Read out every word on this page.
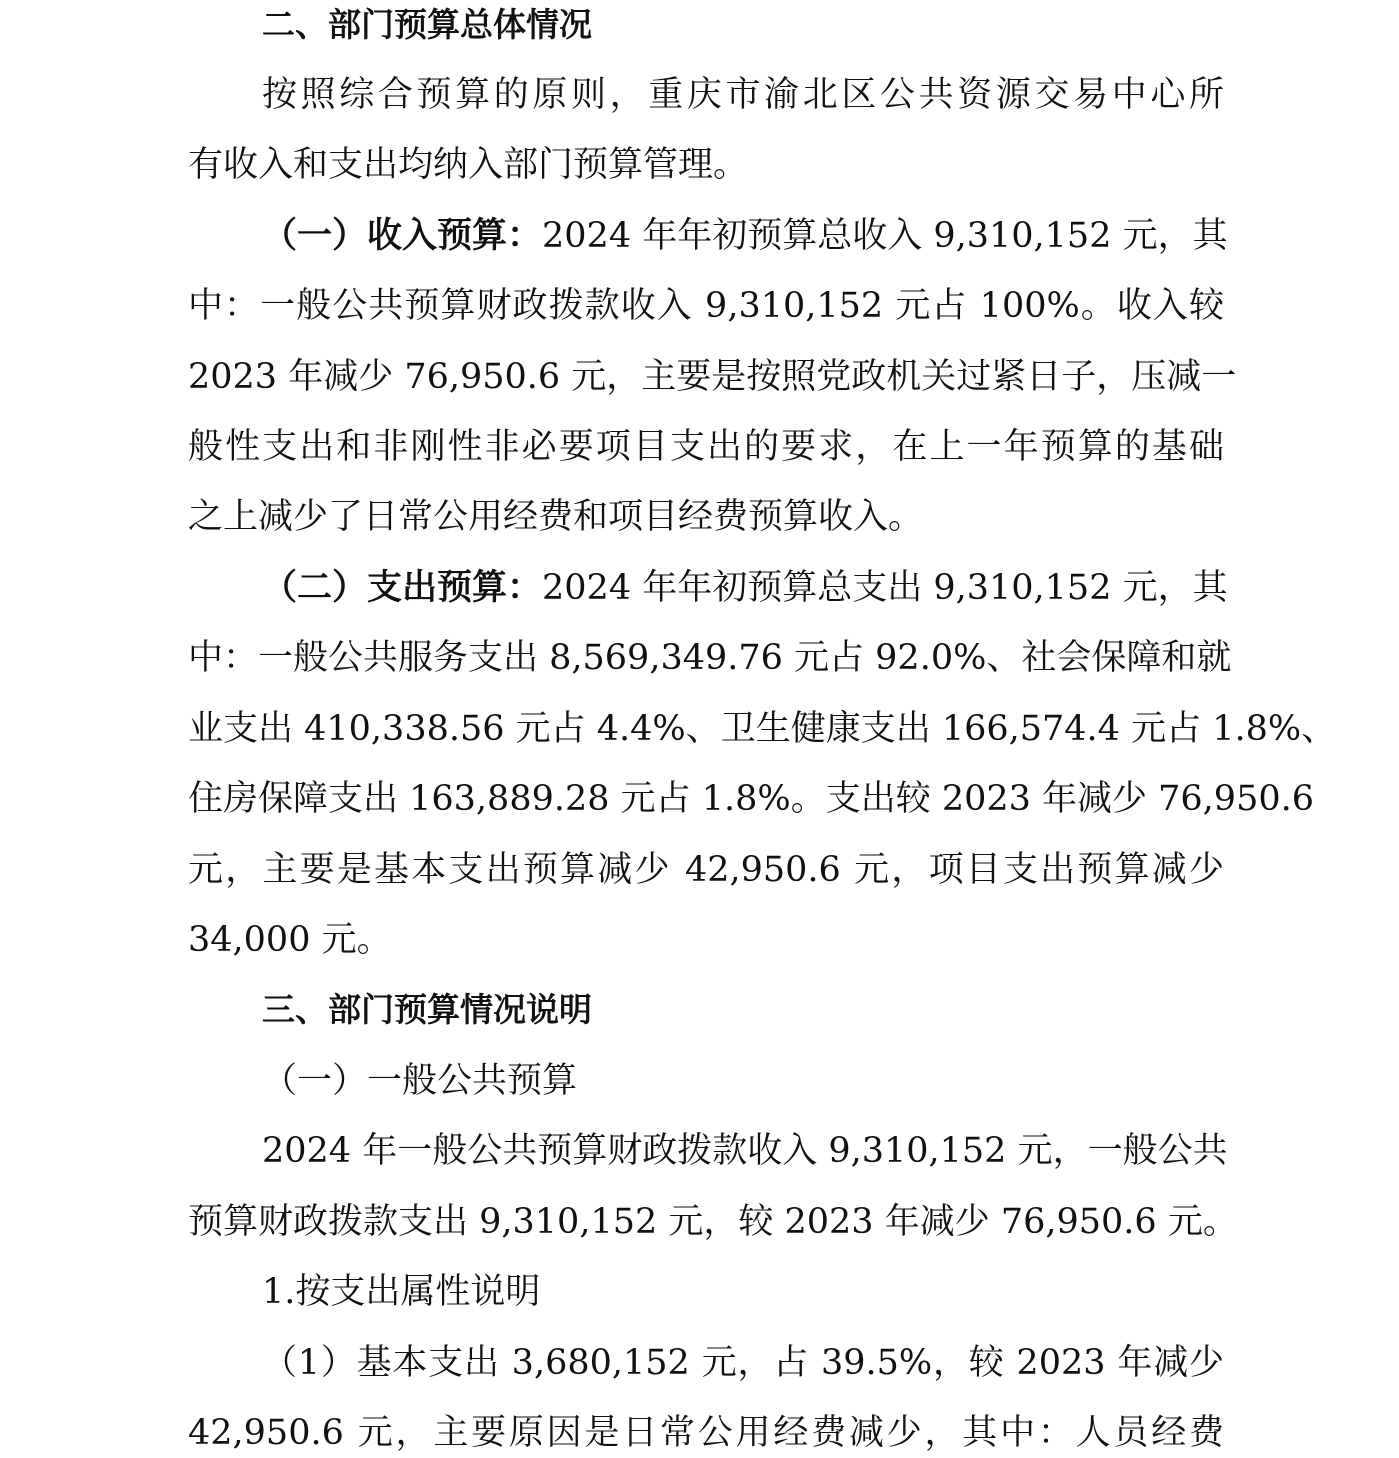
二、部门预算总体情况
按照综合预算的原则，重庆市渝北区公共资源交易中心所
有收入和支出均纳入部门预算管理。
（一）收入预算：2024 年年初预算总收入 9,310,152 元，其
中：一般公共预算财政拨款收入 9,310,152 元占 100%。收入较
2023 年减少 76,950.6 元，主要是按照党政机关过紧日子，压减一
般性支出和非刚性非必要项目支出的要求，在上一年预算的基础
之上减少了日常公用经费和项目经费预算收入。
（二）支出预算：2024 年年初预算总支出 9,310,152 元，其
中：一般公共服务支出 8,569,349.76 元占 92.0%、社会保障和就
业支出 410,338.56 元占 4.4%、卫生健康支出 166,574.4 元占 1.8%、
住房保障支出 163,889.28 元占 1.8%。支出较 2023 年减少 76,950.6
元，主要是基本支出预算减少 42,950.6 元，项目支出预算减少
34,000 元。
三、部门预算情况说明
（一）一般公共预算
2024 年一般公共预算财政拨款收入 9,310,152 元，一般公共
预算财政拨款支出 9,310,152 元，较 2023 年减少 76,950.6 元。
1.按支出属性说明
（1）基本支出 3,680,152 元，占 39.5%，较 2023 年减少
42,950.6 元，主要原因是日常公用经费减少，其中：人员经费
